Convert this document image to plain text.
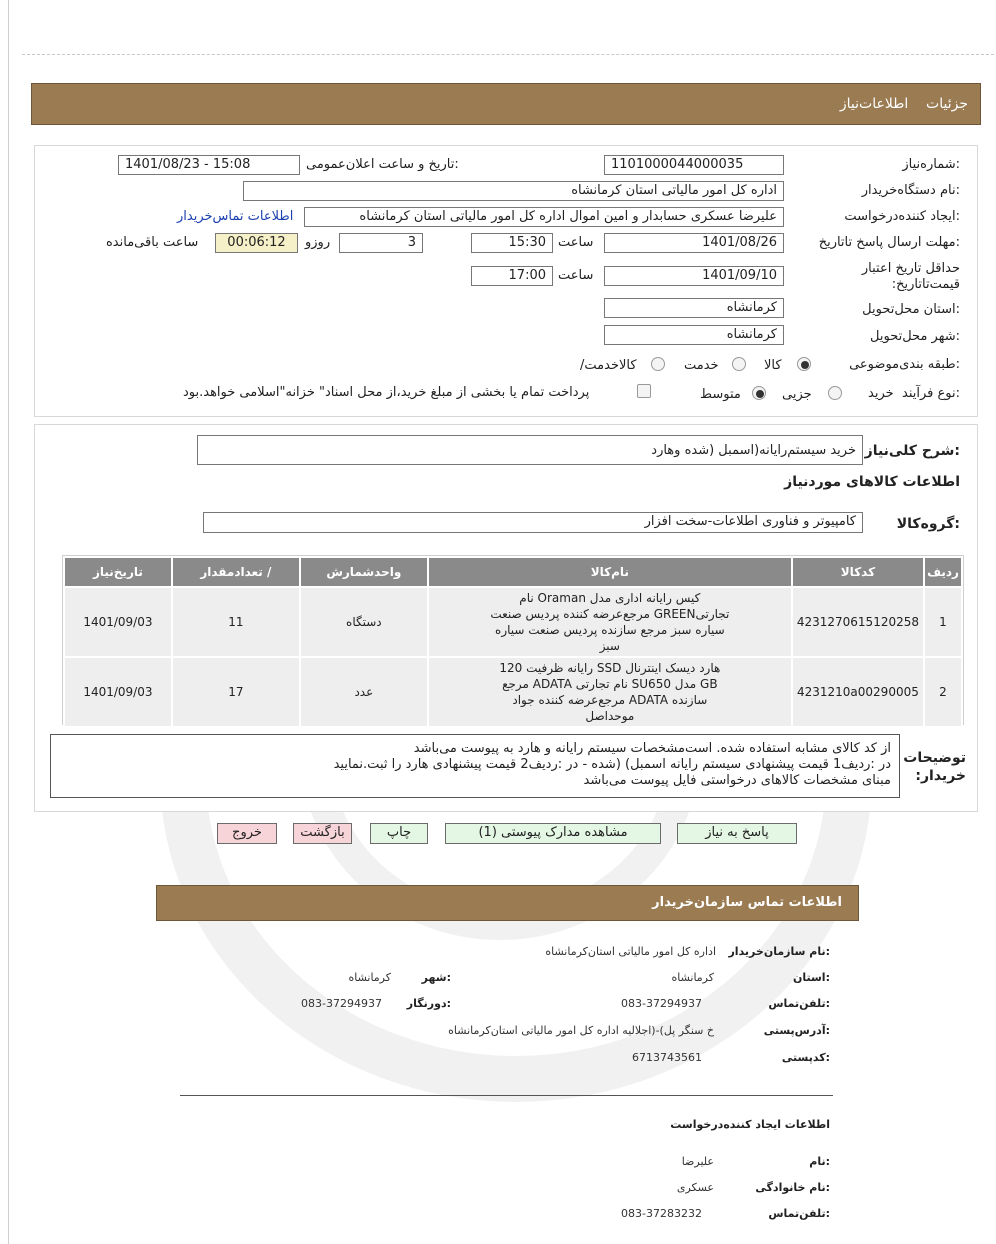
جزئیات    اطلاعات‌نیاز
شماره‌نیاز:
1101000044000035
تاریخ و ساعت اعلان‌عمومی:
1401/08/23 - 15:08
نام دستگاه‌خریدار:
اداره کل امور مالیاتی استان کرمانشاه
ایجاد کننده‌درخواست:
علیرضا عسکری حسابدار و امین اموال اداره کل امور مالیاتی استان کرمانشاه
اطلاعات تماس‌خریدار
مهلت ارسال پاسخ تا‌تاریخ:
1401/08/26
ساعت
15:30
3
روزو
00:06:12
ساعت باقی‌مانده
حداقل تاریخ اعتبار قیمت‌تا‌تاریخ:
1401/09/10
ساعت
17:00
استان محل‌تحویل:
کرمانشاه
شهر محل‌تحویل:
کرمانشاه
طبقه بندی‌موضوعی:
کالا
خدمت
/کالاخدمت
نوع فرآیند:
خرید
جزیی
متوسط
پرداخت تمام یا بخشی از مبلغ خرید،از محل اسناد" خزانه"اسلامی خواهد.بود
شرح کلی‌نیاز:
خرید سیستم‌رایانه(اسمبل (شده وهارد
اطلاعات کالاهای موردنیاز
گروه‌کالا:
کامپیوتر و فناوری اطلاعات-سخت افزار
ردیف	کدکالا	نام‌کالا	واحدشمارش	/ تعدادمقدار	تاریخ‌نیاز
1	4231270615120258	کیس رایانه اداری مدل Oraman نام تجارتیGREEN مرجع‌عرضه کننده پردیس صنعت سیاره سبز مرجع سازنده پردیس صنعت سیاره سبز	دستگاه	11	1401/09/03
2	4231210a00290005	هارد دیسک اینترنال SSD رایانه ظرفیت 120 GB مدل SU650 نام تجارتی ADATA مرجع سازنده ADATA مرجع‌عرضه کننده جواد موحداصل	عدد	17	1401/09/03
توضیحات خریدار:
از کد کالای مشابه استفاده شده. است‌مشخصات سیستم رایانه و هارد به پیوست می‌باشد
در :ردیف1 قیمت پیشنهادی سیستم رایانه اسمبل) (شده - در :ردیف2 قیمت پیشنهادی هارد را ثبت.نمایید
مبنای مشخصات کالاهای درخواستی فایل پیوست می‌باشد
پاسخ به نیاز
مشاهده مدارک پیوستی (1)
چاپ
بازگشت
خروج
اطلاعات تماس سازمان‌خریدار
نام سازمان‌خریدار:
اداره کل امور مالیاتی استان‌کرمانشاه
استان:
کرمانشاه
شهر:
کرمانشاه
تلفن‌تماس:
083-37294937
دورنگار:
083-37294937
آدرس‌پستی:
خ سنگر پل)-(اجلالیه اداره کل امور مالیاتی استان‌کرمانشاه
کدپستی:
6713743561
اطلاعات ایجاد کننده‌درخواست
نام:
علیرضا
نام خانوادگی:
عسکری
تلفن‌تماس:
083-37283232
